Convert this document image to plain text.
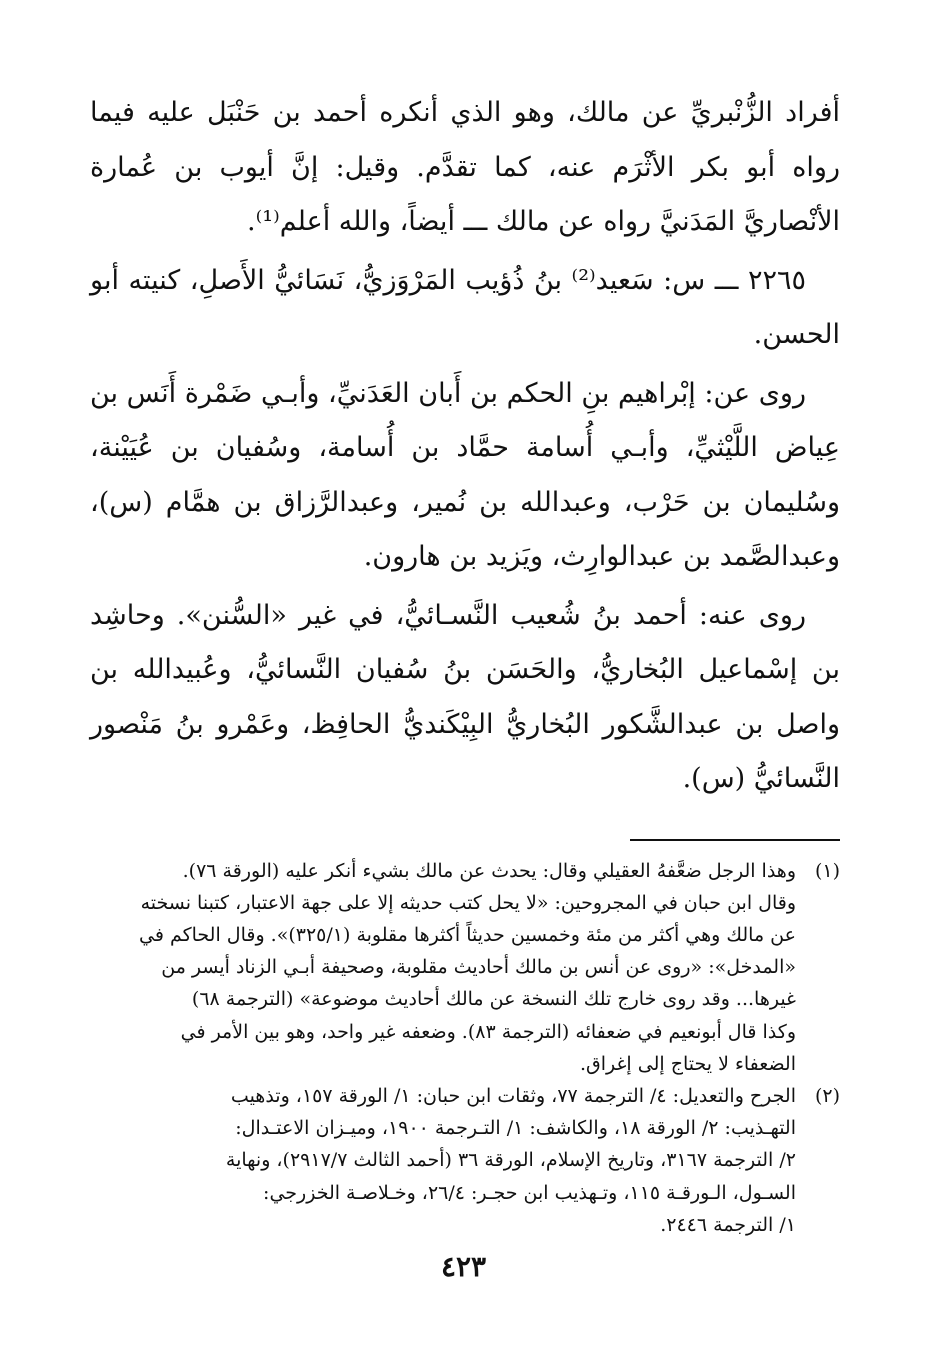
أفراد الزُّنْبريِّ عن مالك، وهو الذي أنكره أحمد بن حَنْبَل عليه فيما رواه أبو بكر الأثْرَم عنه، كما تقدَّم. وقيل: إنَّ أيوب بن عُمارة الأنْصاريَّ المَدَنيَّ رواه عن مالك ـــ أيضاً، والله أعلم⁽¹⁾.

٢٢٦٥ ـــ س: سَعيد⁽²⁾ بنُ ذُؤيب المَرْوَزيُّ، نَسَائيُّ الأَصلِ، كنيته أبو الحسن.

روى عن: إبْراهيم بنِ الحكم بن أَبان العَدَنيِّ، وأبـي ضَمْرة أَنَس بن عِياض اللَّيْثيِّ، وأبـي أُسامة حمَّاد بن أُسامة، وسُفيان بن عُيَيْنة، وسُليمان بن حَرْب، وعبدالله بن نُمير، وعبدالرَّزاق بن همَّام (س)، وعبدالصَّمد بن عبدالوارِث، ويَزيد بن هارون.

روى عنه: أحمد بنُ شُعيب النَّسـائيُّ، في غير «السُّنن». وحاشِد بن إسْماعيل البُخاريُّ، والحَسَن بنُ سُفيان النَّسائيُّ، وعُبيدالله بن واصل بن عبدالشَّكور البُخاريُّ البِيْكَنديُّ الحافِظ، وعَمْرو بنُ مَنْصور النَّسائيُّ (س).

(١)
وهذا الرجل ضعَّفهُ العقيلي وقال: يحدث عن مالك بشيء أنكر عليه (الورقة ٧٦).
وقال ابن حبان في المجروحين: «لا يحل كتب حديثه إلا على جهة الاعتبار، كتبنا نسخته
عن مالك وهي أكثر من مئة وخمسين حديثاً أكثرها مقلوبة (٣٢٥/١)». وقال الحاكم في
«المدخل»: «روى عن أنس بن مالك أحاديث مقلوبة، وصحيفة أبـي الزناد أيسر من
غيرها... وقد روى خارج تلك النسخة عن مالك أحاديث موضوعة» (الترجمة ٦٨)
وكذا قال أبونعيم في ضعفائه (الترجمة ٨٣). وضعفه غير واحد، وهو بين الأمر في
الضعفاء لا يحتاج إلى إغراق.
(٢)
الجرح والتعديل: ٤/ الترجمة ٧٧، وثقات ابن حبان: ١/ الورقة ١٥٧، وتذهيب
التهـذيب: ٢/ الورقة ١٨، والكاشف: ١/ التـرجمة ١٩٠٠، وميـزان الاعتـدال:
٢/ الترجمة ٣١٦٧، وتاريخ الإسلام، الورقة ٣٦ (أحمد الثالث ٢٩١٧/٧)، ونهاية
السـول، الـورقـة ١١٥، وتـهذيب ابن حجـر: ٢٦/٤، وخـلاصـة الخزرجي:
١/ الترجمة ٢٤٤٦.
٤٢٣
